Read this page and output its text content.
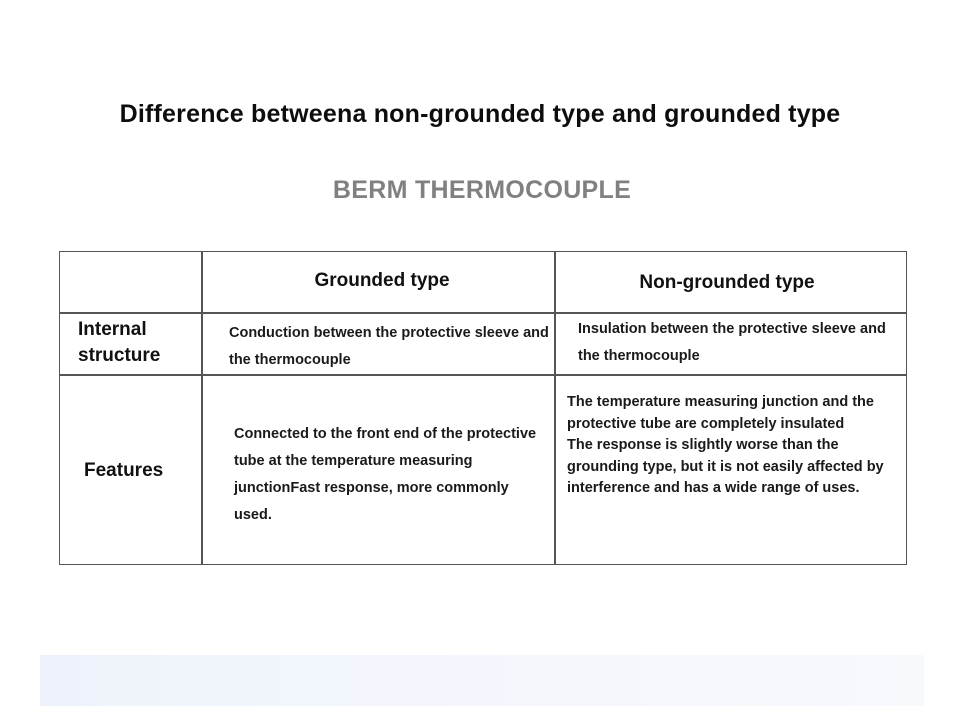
Difference betweena non-grounded type and grounded type
BERM THERMOCOUPLE
Grounded type	Non-grounded type
Internal
structure
Conduction between the protective sleeve and the thermocouple
Insulation between the protective sleeve and the thermocouple
Features
Connected to the front end of the protective tube at the temperature measuring junctionFast response, more commonly used.
The temperature measuring junction and the protective tube are completely insulated
The response is slightly worse than the grounding type, but it is not easily affected by interference and has a wide range of uses.
